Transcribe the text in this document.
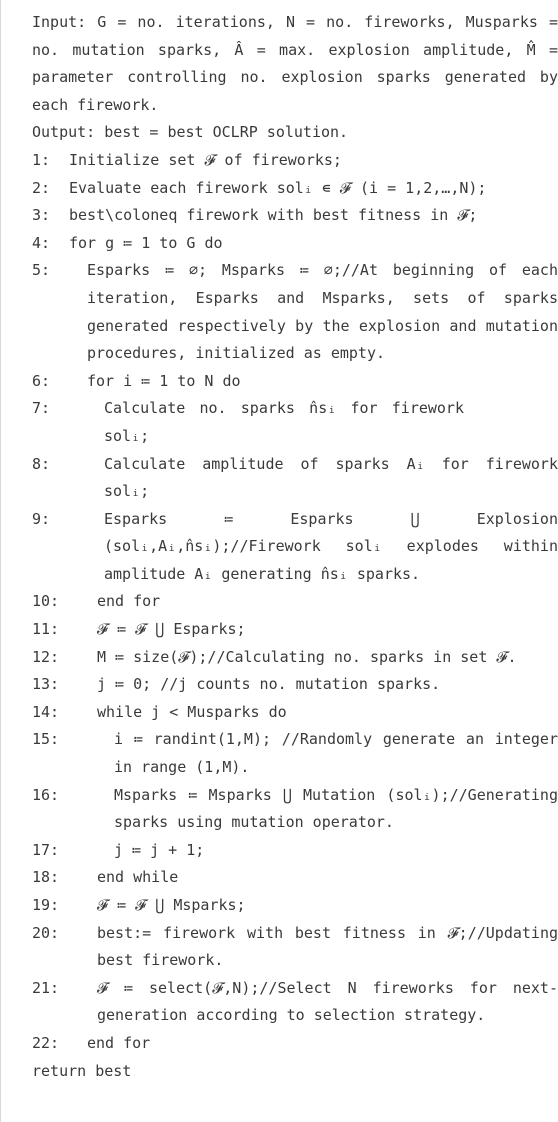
Input: G = no. iterations, N = no. fireworks, Musparks = no. mutation sparks, Â = max. explosion amplitude, M̂ = parameter controlling no. explosion sparks generated by each firework.
Output: best = best OCLRP solution.
1: Initialize set 𝓕 of fireworks;
2: Evaluate each firework solᵢ ∊ 𝓕 (i = 1,2,…,N);
3: best\coloneq firework with best fitness in 𝓕;
4: for g ≔ 1 to G do
5: Esparks ≔ ∅; Msparks ≔ ∅;//At beginning of each iteration, Esparks and Msparks, sets of sparks generated respectively by the explosion and mutation procedures, initialized as empty.
6: for i ≔ 1 to N do
7:	Calculate no. sparks n̂sᵢ for firework solᵢ;
8:	Calculate amplitude of sparks Aᵢ for firework solᵢ;
9:	Esparks ≔ Esparks ⋃ Explosion (solᵢ,Aᵢ,n̂sᵢ);//Firework solᵢ explodes within amplitude Aᵢ generating n̂sᵢ sparks.
10:	end for
11:	𝓕 ≔ 𝓕 ⋃ Esparks;
12:	M ≔ size(𝓕);//Calculating no. sparks in set 𝓕.
13:	j ≔ 0; //j counts no. mutation sparks.
14:	while j < Musparks do
15:	i ≔ randint(1,M); //Randomly generate an integer in range (1,M).
16:	Msparks ≔ Msparks ⋃ Mutation (solᵢ);//Generating sparks using mutation operator.
17:	j ≔ j + 1;
18:	end while
19:	𝓕 ≔ 𝓕 ⋃ Msparks;
20:	best:= firework with best fitness in 𝓕;//Updating best firework.
21:	𝓕 ≔ select(𝓕,N);//Select N fireworks for next-generation according to selection strategy.
22: end for
return best
